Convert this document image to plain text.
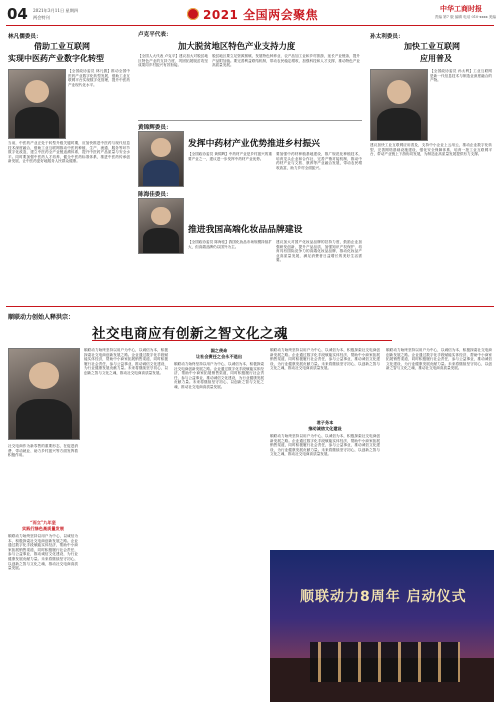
04 2021年3月11日 星期四
两会特刊	2021 全国两会聚焦	中华工商时报
责编 第7 版 编辑 电话 010-xxxx 美编
林凡儒委员：
借助工业互联网
实现中医药产业数字化转型
【全国政协委员 林凡儒】推动全国中医药产业数字化转型发展，借助工业互联网平台实现数字化管理，提升中医药产业现代化水平。
当前，中医药产业正处于转型升级关键时期，应加快推进中医药与现代信息技术深度融合，借助工业互联网推动中医药种植、生产、流通、服务等环节数字化改造，建立中医药全产业链追溯体系，提升中医药产品质量与安全水平。同时要加强中医药人才培养，健全中医药标准体系，推进中医药传承创新发展，让中医药更好地服务人民群众健康。
卢克平代表：
加大脱贫地区特色产业支持力度
【全国人大代表 卢克平】建议加大对脱贫地区特色产业的支持力度，巩固拓展脱贫攻坚成果同乡村振兴有效衔接。
脱贫地区要立足资源禀赋，发展特色种养业、农产品加工业和乡村旅游，延长产业链条，提升产品附加值。要完善利益联结机制，带动农民稳定增收，加强科技和人才支撑，推动特色产业高质量发展。
黄锦辉委员：
发挥中药材产业优势推进乡村振兴
【全国政协委员 黄锦辉】中药材产业是乡村振兴的重要产业之一，建议进一步发挥中药材产业优势。
要加强中药材种植基地建设，推广规范化种植技术，培育龙头企业和合作社，完善产销对接机制，推动中药材产业与文旅、康养等产业融合发展，带动农民增收致富，助力乡村全面振兴。
陈海佳委员：
推进我国高端化妆品品牌建设
【全国政协委员 陈海佳】我国化妆品市场规模持续扩大，但高端品牌仍以国外为主。
建议加大对国产化妆品品牌的扶持力度，鼓励企业加强研发创新，提升产品品质，加强知识产权保护，培育具有国际竞争力的高端化妆品品牌，推动化妆品产业高质量发展，满足消费者日益增长的美好生活需要。
孙太利委员：
加快工业互联网
应用普及
【全国政协委员 孙太利】工业互联网是新一代信息技术与制造业深度融合的产物。
建议加快工业互联网应用普及，支持中小企业上云用云，推动企业数字化转型，完善网络基础设施建设，强化安全保障体系，培育一批工业互联网平台，带动产业链上下游协同发展，为制造业高质量发展提供有力支撑。
顺联动力创始人释洪宗：
社交电商应有创新之智文化之魂
社交电商作为新零售的重要形态，在促进消费、带动就业、助力乡村振兴等方面发挥着积极作用。
“而立”九年坚
实践行绿色高质量发展
顺联动力始终坚持以用户为中心，以诚信为本，积极探索社交电商创新发展之路。企业通过数字化手段赋能实体经济，帮助中小商家拓展销售渠道，同时积极履行社会责任，参与公益事业，推动诚信文化建设，为行业健康发展贡献力量。未来将继续坚守初心，以创新之智与文化之魂，推动社交电商高质量发展。
顺联动力始终坚持以用户为中心，以诚信为本，积极探索社交电商创新发展之路。企业通过数字化手段赋能实体经济，帮助中小商家拓展销售渠道，同时积极履行社会责任，参与公益事业，推动诚信文化建设，为行业健康发展贡献力量。未来将继续坚守初心，以创新之智与文化之魂，推动社交电商高质量发展。
国之使命
让社会责任之会永不退出
顺联动力始终坚持以用户为中心，以诚信为本，积极探索社交电商创新发展之路。企业通过数字化手段赋能实体经济，帮助中小商家拓展销售渠道，同时积极履行社会责任，参与公益事业，推动诚信文化建设，为行业健康发展贡献力量。未来将继续坚守初心，以创新之智与文化之魂，推动社交电商高质量发展。
君子务本
推动诚信文化建设
顺联动力始终坚持以用户为中心，以诚信为本，积极探索社交电商创新发展之路。企业通过数字化手段赋能实体经济，帮助中小商家拓展销售渠道，同时积极履行社会责任，参与公益事业，推动诚信文化建设，为行业健康发展贡献力量。未来将继续坚守初心，以创新之智与文化之魂，推动社交电商高质量发展。
顺联动力始终坚持以用户为中心，以诚信为本，积极探索社交电商创新发展之路。企业通过数字化手段赋能实体经济，帮助中小商家拓展销售渠道，同时积极履行社会责任，参与公益事业，推动诚信文化建设，为行业健康发展贡献力量。未来将继续坚守初心，以创新之智与文化之魂，推动社交电商高质量发展。
顺联动力始终坚持以用户为中心，以诚信为本，积极探索社交电商创新发展之路。企业通过数字化手段赋能实体经济，帮助中小商家拓展销售渠道，同时积极履行社会责任，参与公益事业，推动诚信文化建设，为行业健康发展贡献力量。未来将继续坚守初心，以创新之智与文化之魂，推动社交电商高质量发展。
顺联动力8周年 启动仪式
